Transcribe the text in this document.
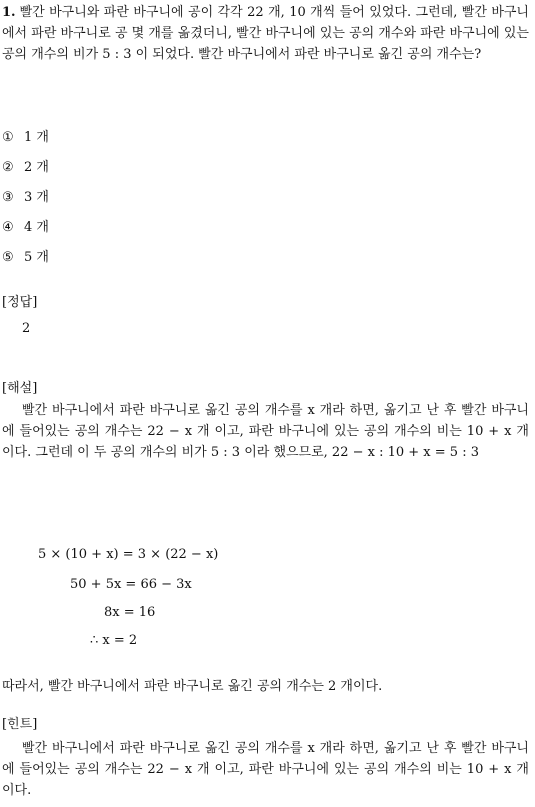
1. 빨간 바구니와 파란 바구니에 공이 각각 22 개, 10 개씩 들어 있었다. 그런데, 빨간 바구니에서 파란 바구니로 공 몇 개를 옮겼더니, 빨간 바구니에 있는 공의 개수와 파란 바구니에 있는 공의 개수의 비가 5 : 3 이 되었다. 빨간 바구니에서 파란 바구니로 옮긴 공의 개수는?
① 1 개
② 2 개
③ 3 개
④ 4 개
⑤ 5 개
[정답]
2
[해설]
빨간 바구니에서 파란 바구니로 옮긴 공의 개수를 x 개라 하면, 옮기고 난 후 빨간 바구니에 들어있는 공의 개수는 22 − x 개 이고, 파란 바구니에 있는 공의 개수의 비는 10 + x 개 이다. 그런데 이 두 공의 개수의 비가 5 : 3 이라 했으므로, 22 − x : 10 + x = 5 : 3
5 × (10 + x) = 3 × (22 − x)
50 + 5x = 66 − 3x
8x = 16
∴ x = 2
따라서, 빨간 바구니에서 파란 바구니로 옮긴 공의 개수는 2 개이다.
[힌트]
빨간 바구니에서 파란 바구니로 옮긴 공의 개수를 x 개라 하면, 옮기고 난 후 빨간 바구니에 들어있는 공의 개수는 22 − x 개 이고, 파란 바구니에 있는 공의 개수의 비는 10 + x 개 이다.
